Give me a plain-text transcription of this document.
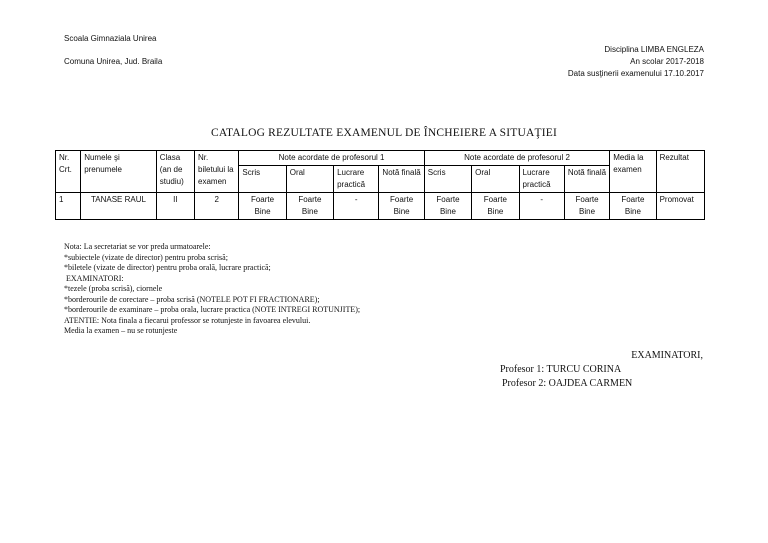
Scoala Gimnaziala Unirea
Comuna Unirea, Jud. Braila
Disciplina LIMBA ENGLEZA
An scolar 2017-2018
Data susţinerii examenului 17.10.2017
CATALOG REZULTATE EXAMENUL DE ÎNCHEIERE A SITUAŢIEI
Nr. Crt.	Numele şi prenumele	Clasa (an de studiu)	Nr. biletului la examen	Note acordate de profesorul 1				Note acordate de profesorul 2				Media la examen	Rezultat
				Scris	Oral	Lucrare practică	Notă finală	Scris	Oral	Lucrare practică	Notă finală		
1	TANASE RAUL	II	2	Foarte Bine	Foarte Bine	-	Foarte Bine	Foarte Bine	Foarte Bine	-	Foarte Bine	Foarte Bine	Promovat
Nota: La secretariat se vor preda urmatoarele:
*subiectele (vizate de director) pentru proba scrisă;
*biletele (vizate de director) pentru proba orală, lucrare practică;
EXAMINATORI:
*tezele (proba scrisă), ciornele
*borderourile de corectare – proba scrisă (NOTELE POT FI FRACTIONARE);
*borderourile de examinare – proba orala, lucrare practica (NOTE INTREGI ROTUNJITE);
ATENTIE: Nota finala a fiecarui professor se rotunjeste in favoarea elevului.
Media la examen – nu se rotunjeste
EXAMINATORI,
Profesor 1: TURCU CORINA
Profesor 2: OAJDEA CARMEN
